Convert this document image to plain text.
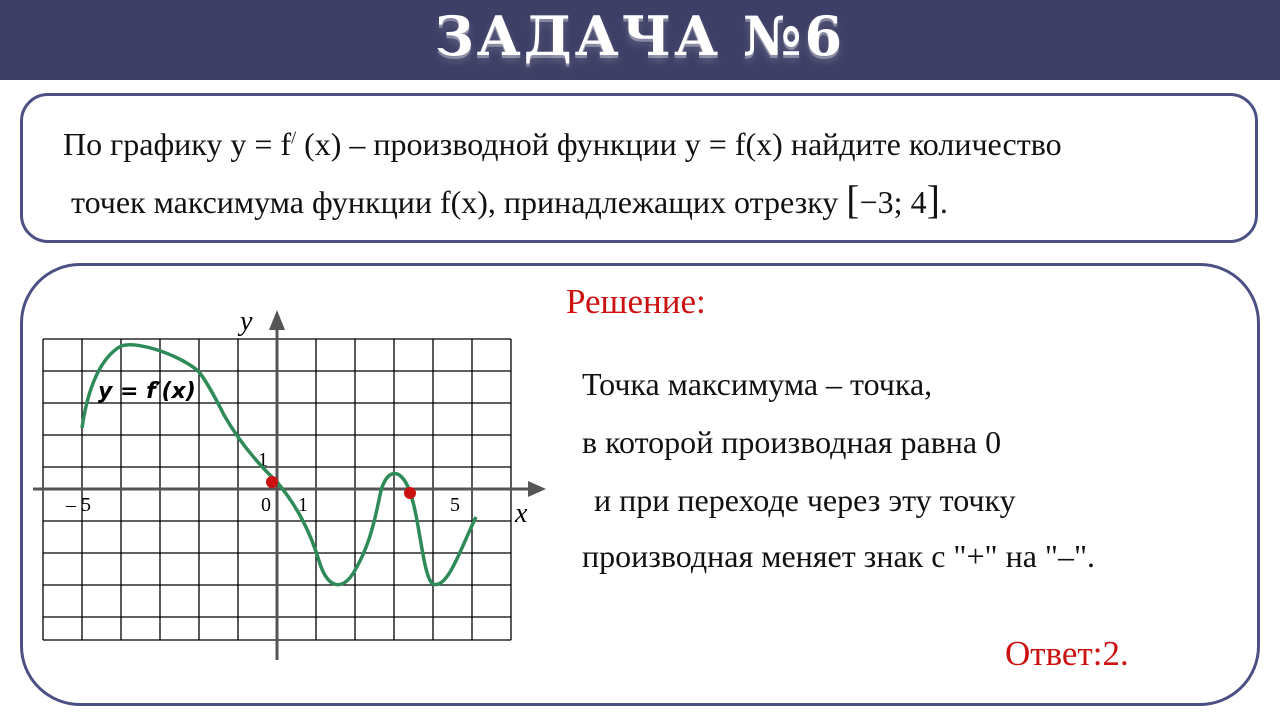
ЗАДАЧА №6
По графику y = f/ (x) – производной функции y = f(x) найдите количество
точек максимума функции f(x), принадлежащих отрезку [−3; 4].
y
x
– 5	0 1	5
1
y = f′(x)
Решение:
Точка максимума – точка,
в которой производная равна 0
и при переходе через эту точку
производная меняет знак с "+" на "–".
Ответ:2.
